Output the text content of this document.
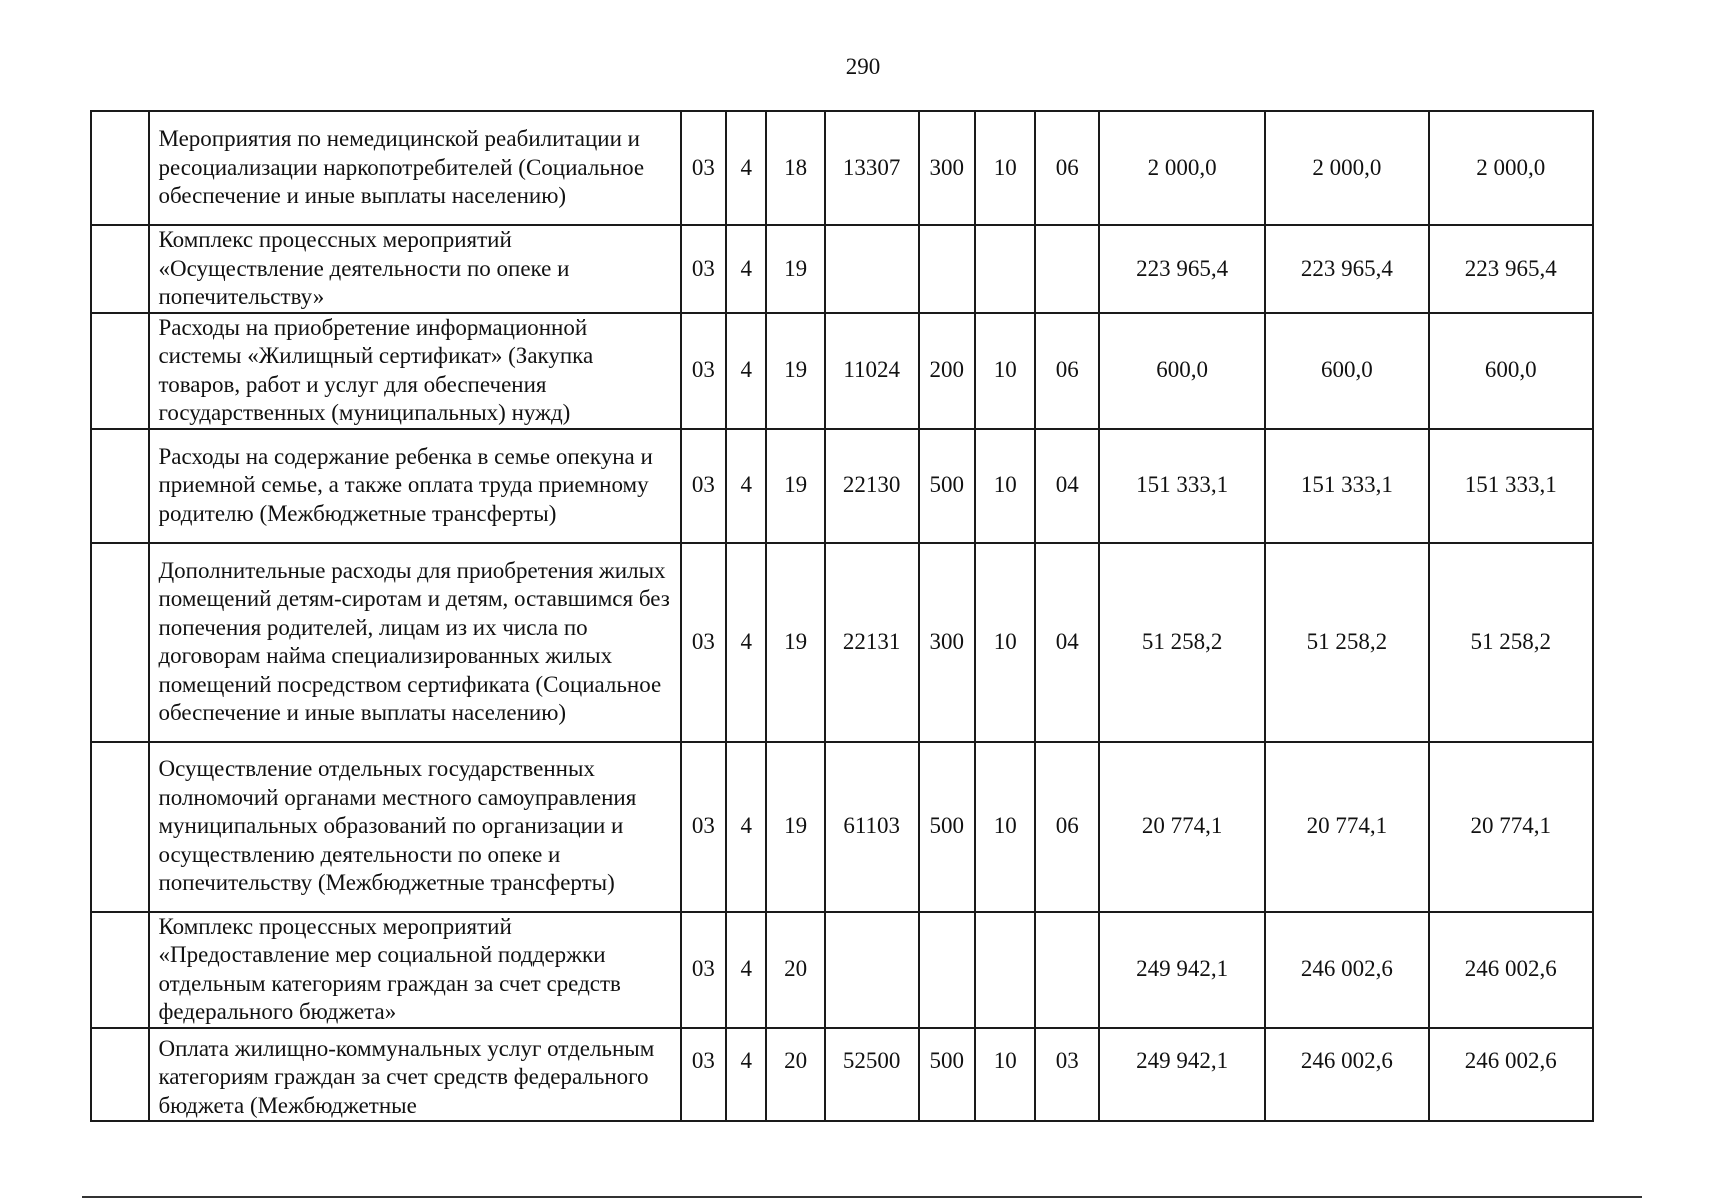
290
	Мероприятия по немедицинской реабилитации и ресоциализации наркопотребителей (Социальное обеспечение и иные выплаты населению)	03	4	18	13307	300	10	06	2 000,0	2 000,0	2 000,0
	Комплекс процессных мероприятий «Осуществление деятельности по опеке и попечительству»	03	4	19					223 965,4	223 965,4	223 965,4
	Расходы на приобретение информационной системы «Жилищный сертификат» (Закупка товаров, работ и услуг для обеспечения государственных (муниципальных) нужд)	03	4	19	11024	200	10	06	600,0	600,0	600,0
	Расходы на содержание ребенка в семье опекуна и приемной семье, а также оплата труда приемному родителю (Межбюджетные трансферты)	03	4	19	22130	500	10	04	151 333,1	151 333,1	151 333,1
	Дополнительные расходы для приобретения жилых помещений детям-сиротам и детям, оставшимся без попечения родителей, лицам из их числа по договорам найма специализированных жилых помещений посредством сертификата (Социальное обеспечение и иные выплаты населению)	03	4	19	22131	300	10	04	51 258,2	51 258,2	51 258,2
	Осуществление отдельных государственных полномочий органами местного самоуправления муниципальных образований по организации и осуществлению деятельности по опеке и попечительству (Межбюджетные трансферты)	03	4	19	61103	500	10	06	20 774,1	20 774,1	20 774,1
	Комплекс процессных мероприятий «Предоставление мер социальной поддержки отдельным категориям граждан за счет средств федерального бюджета»	03	4	20					249 942,1	246 002,6	246 002,6
	Оплата жилищно-коммунальных услуг отдельным категориям граждан за счет средств федерального бюджета (Межбюджетные	03	4	20	52500	500	10	03	249 942,1	246 002,6	246 002,6
